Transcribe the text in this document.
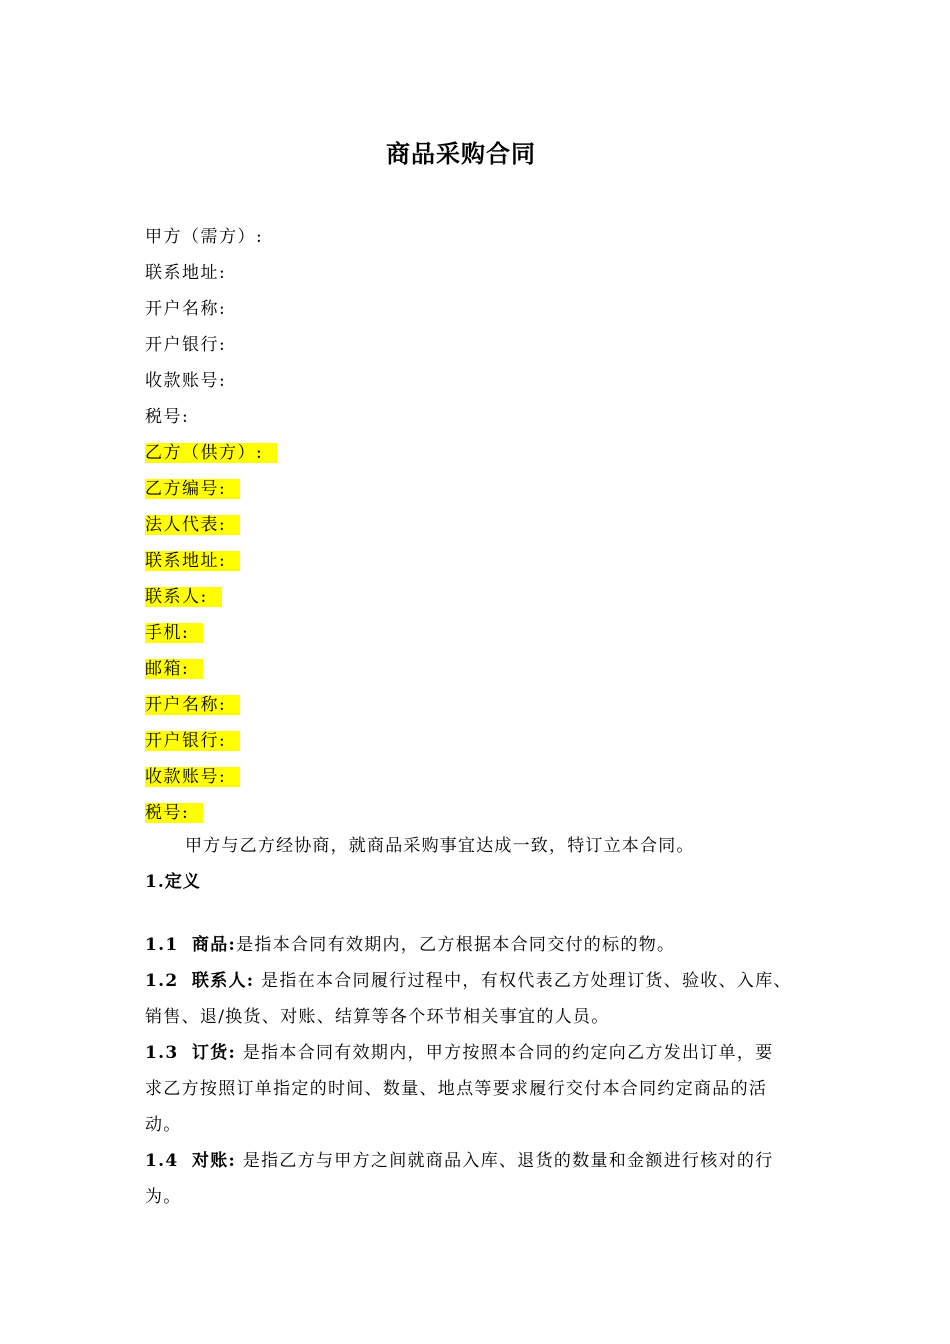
商品采购合同
甲方（需方）:
联系地址:
开户名称:
开户银行:
收款账号:
税号:
乙方（供方）:
乙方编号:
法人代表:
联系地址:
联系人:
手机:
邮箱:
开户名称:
开户银行:
收款账号:
税号:
甲方与乙方经协商，就商品采购事宜达成一致，特订立本合同。
1.定义
1.1 商品:是指本合同有效期内，乙方根据本合同交付的标的物。
1.2 联系人: 是指在本合同履行过程中，有权代表乙方处理订货、验收、入库、
销售、退/换货、对账、结算等各个环节相关事宜的人员。
1.3 订货: 是指本合同有效期内，甲方按照本合同的约定向乙方发出订单，要
求乙方按照订单指定的时间、数量、地点等要求履行交付本合同约定商品的活
动。
1.4 对账: 是指乙方与甲方之间就商品入库、退货的数量和金额进行核对的行
为。
